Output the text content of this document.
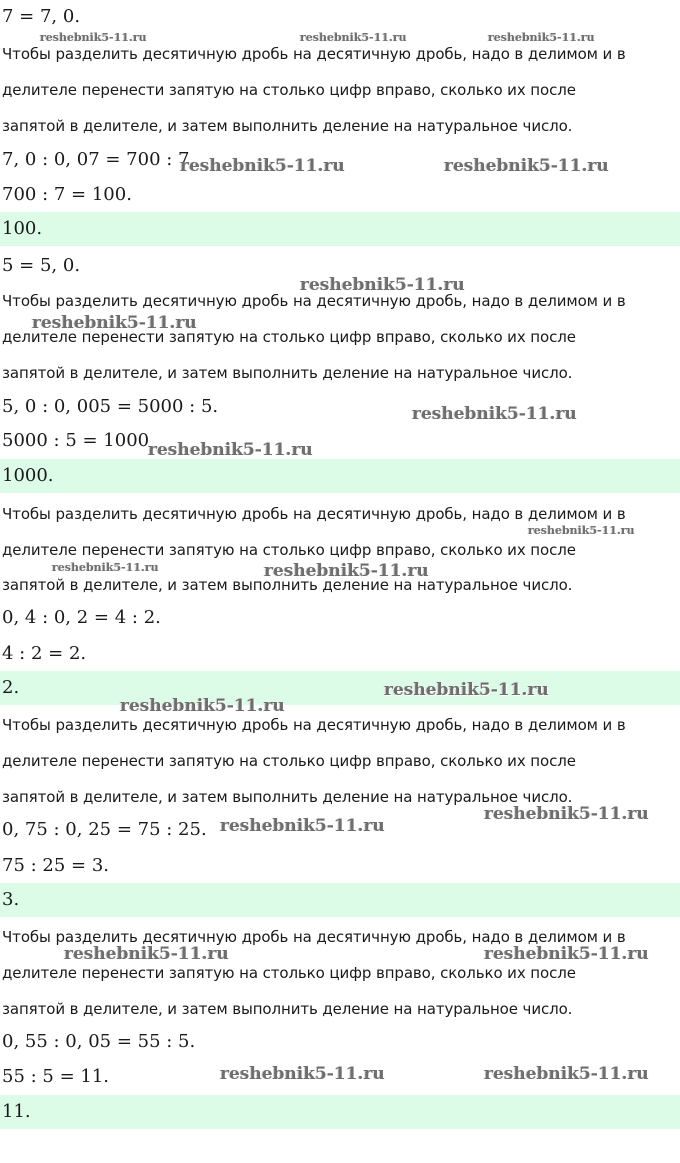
7 = 7, 0.
Чтобы разделить десятичную дробь на десятичную дробь, надо в делимом и в
делителе перенести запятую на столько цифр вправо, сколько их после
запятой в делителе, и затем выполнить деление на натуральное число.
7, 0 : 0, 07 = 700 : 7
700 : 7 = 100.
100.
5 = 5, 0.
Чтобы разделить десятичную дробь на десятичную дробь, надо в делимом и в
делителе перенести запятую на столько цифр вправо, сколько их после
запятой в делителе, и затем выполнить деление на натуральное число.
5, 0 : 0, 005 = 5000 : 5.
5000 : 5 = 1000
1000.
Чтобы разделить десятичную дробь на десятичную дробь, надо в делимом и в
делителе перенести запятую на столько цифр вправо, сколько их после
запятой в делителе, и затем выполнить деление на натуральное число.
0, 4 : 0, 2 = 4 : 2.
4 : 2 = 2.
2.
Чтобы разделить десятичную дробь на десятичную дробь, надо в делимом и в
делителе перенести запятую на столько цифр вправо, сколько их после
запятой в делителе, и затем выполнить деление на натуральное число.
0, 75 : 0, 25 = 75 : 25.
75 : 25 = 3.
3.
Чтобы разделить десятичную дробь на десятичную дробь, надо в делимом и в
делителе перенести запятую на столько цифр вправо, сколько их после
запятой в делителе, и затем выполнить деление на натуральное число.
0, 55 : 0, 05 = 55 : 5.
55 : 5 = 11.
11.
reshebnik5-11.ru	reshebnik5-11.ru	reshebnik5-11.ru
reshebnik5-11.ru	reshebnik5-11.ru
reshebnik5-11.ru
reshebnik5-11.ru
reshebnik5-11.ru
reshebnik5-11.ru
reshebnik5-11.ru
reshebnik5-11.ru	reshebnik5-11.ru
reshebnik5-11.ru
reshebnik5-11.ru
reshebnik5-11.ru
reshebnik5-11.ru
reshebnik5-11.ru	reshebnik5-11.ru
reshebnik5-11.ru	reshebnik5-11.ru
